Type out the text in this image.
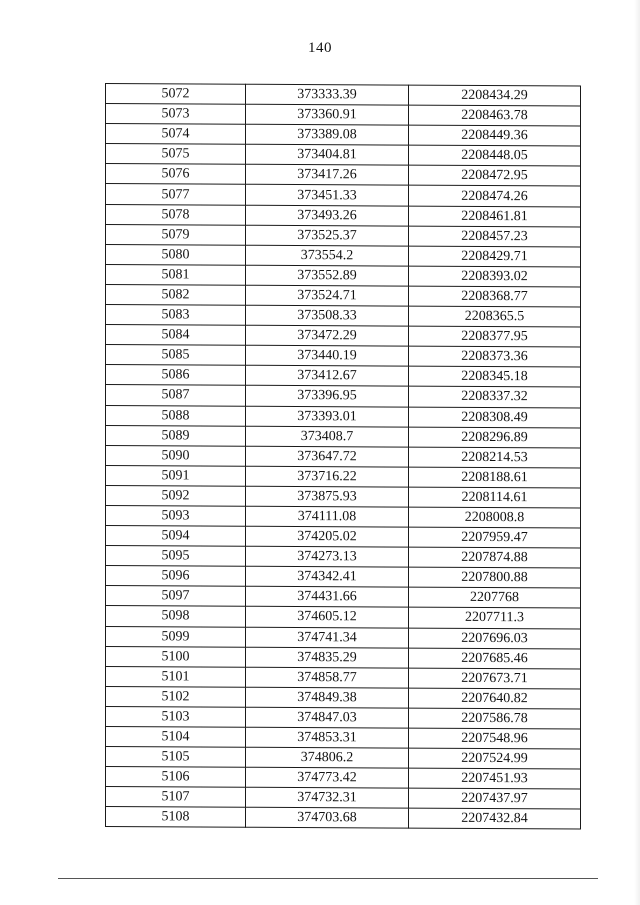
140
5072	373333.39	2208434.29
5073	373360.91	2208463.78
5074	373389.08	2208449.36
5075	373404.81	2208448.05
5076	373417.26	2208472.95
5077	373451.33	2208474.26
5078	373493.26	2208461.81
5079	373525.37	2208457.23
5080	373554.2	2208429.71
5081	373552.89	2208393.02
5082	373524.71	2208368.77
5083	373508.33	2208365.5
5084	373472.29	2208377.95
5085	373440.19	2208373.36
5086	373412.67	2208345.18
5087	373396.95	2208337.32
5088	373393.01	2208308.49
5089	373408.7	2208296.89
5090	373647.72	2208214.53
5091	373716.22	2208188.61
5092	373875.93	2208114.61
5093	374111.08	2208008.8
5094	374205.02	2207959.47
5095	374273.13	2207874.88
5096	374342.41	2207800.88
5097	374431.66	2207768
5098	374605.12	2207711.3
5099	374741.34	2207696.03
5100	374835.29	2207685.46
5101	374858.77	2207673.71
5102	374849.38	2207640.82
5103	374847.03	2207586.78
5104	374853.31	2207548.96
5105	374806.2	2207524.99
5106	374773.42	2207451.93
5107	374732.31	2207437.97
5108	374703.68	2207432.84
